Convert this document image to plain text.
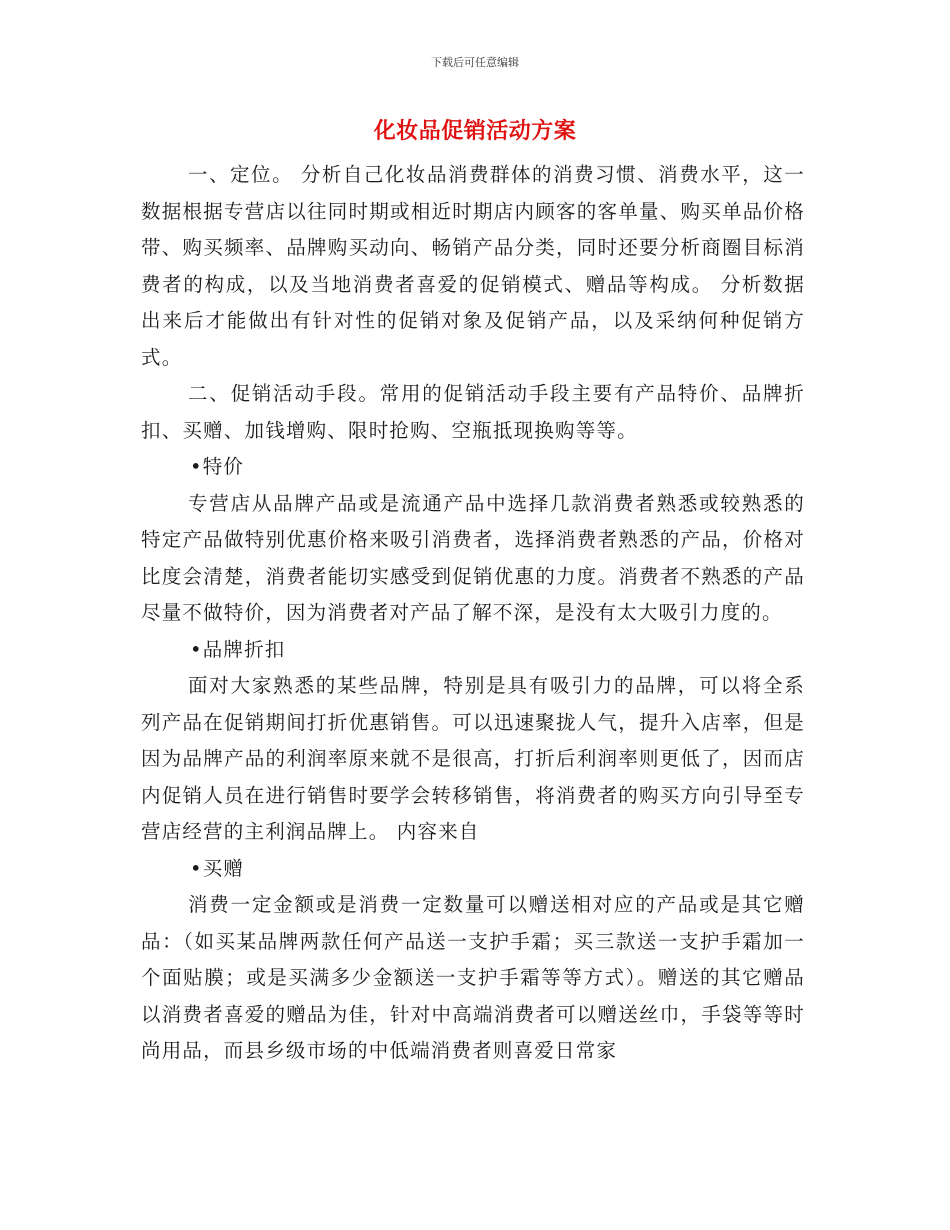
下载后可任意编辑
化妆品促销活动方案

一、定位。 分析自己化妆品消费群体的消费习惯、消费水平，这一数据根据专营店以往同时期或相近时期店内顾客的客单量、购买单品价格带、购买频率、品牌购买动向、畅销产品分类，同时还要分析商圈目标消费者的构成，以及当地消费者喜爱的促销模式、赠品等构成。 分析数据出来后才能做出有针对性的促销对象及促销产品，以及采纳何种促销方式。

二、促销活动手段。常用的促销活动手段主要有产品特价、品牌折扣、买赠、加钱增购、限时抢购、空瓶抵现换购等等。

•特价

专营店从品牌产品或是流通产品中选择几款消费者熟悉或较熟悉的特定产品做特别优惠价格来吸引消费者，选择消费者熟悉的产品，价格对比度会清楚，消费者能切实感受到促销优惠的力度。消费者不熟悉的产品尽量不做特价，因为消费者对产品了解不深，是没有太大吸引力度的。

•品牌折扣

面对大家熟悉的某些品牌，特别是具有吸引力的品牌，可以将全系列产品在促销期间打折优惠销售。可以迅速聚拢人气，提升入店率，但是因为品牌产品的利润率原来就不是很高，打折后利润率则更低了，因而店内促销人员在进行销售时要学会转移销售，将消费者的购买方向引导至专营店经营的主利润品牌上。 内容来自

•买赠

消费一定金额或是消费一定数量可以赠送相对应的产品或是其它赠品：（如买某品牌两款任何产品送一支护手霜；买三款送一支护手霜加一个面贴膜；或是买满多少金额送一支护手霜等等方式）。赠送的其它赠品以消费者喜爱的赠品为佳，针对中高端消费者可以赠送丝巾，手袋等等时尚用品，而县乡级市场的中低端消费者则喜爱日常家
